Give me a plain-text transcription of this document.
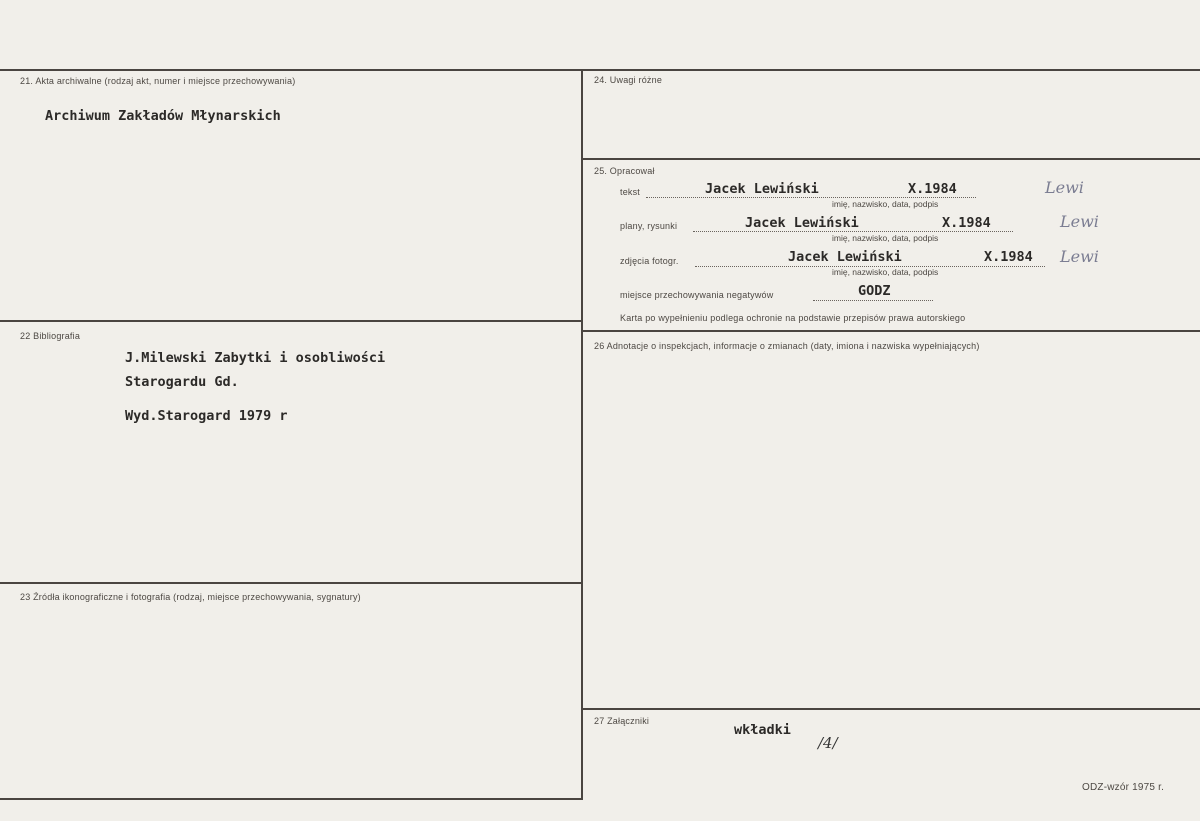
21. Akta archiwalne (rodzaj akt, numer i miejsce przechowywania)
Archiwum Zakładów Młynarskich
22 Bibliografia
J.Milewski Zabytki i osobliwości
Starogardu Gd.
Wyd.Starogard 1979 r
23 Źródła ikonograficzne i fotografia (rodzaj, miejsce przechowywania, sygnatury)
24. Uwagi różne
25. Opracował
tekst	Jacek Lewiński	X.1984	Lewi
imię, nazwisko, data, podpis
plany, rysunki	Jacek Lewiński	X.1984	Lewi
imię, nazwisko, data, podpis
zdjęcia fotogr.	Jacek Lewiński	X.1984 Lewi
imię, nazwisko, data, podpis
miejsce przechowywania negatywów	GODZ
Karta po wypełnieniu podlega ochronie na podstawie przepisów prawa autorskiego
26 Adnotacje o inspekcjach, informacje o zmianach (daty, imiona i nazwiska wypełniających)
27 Załączniki
wkładki
/4/
ODZ-wzór 1975 r.
